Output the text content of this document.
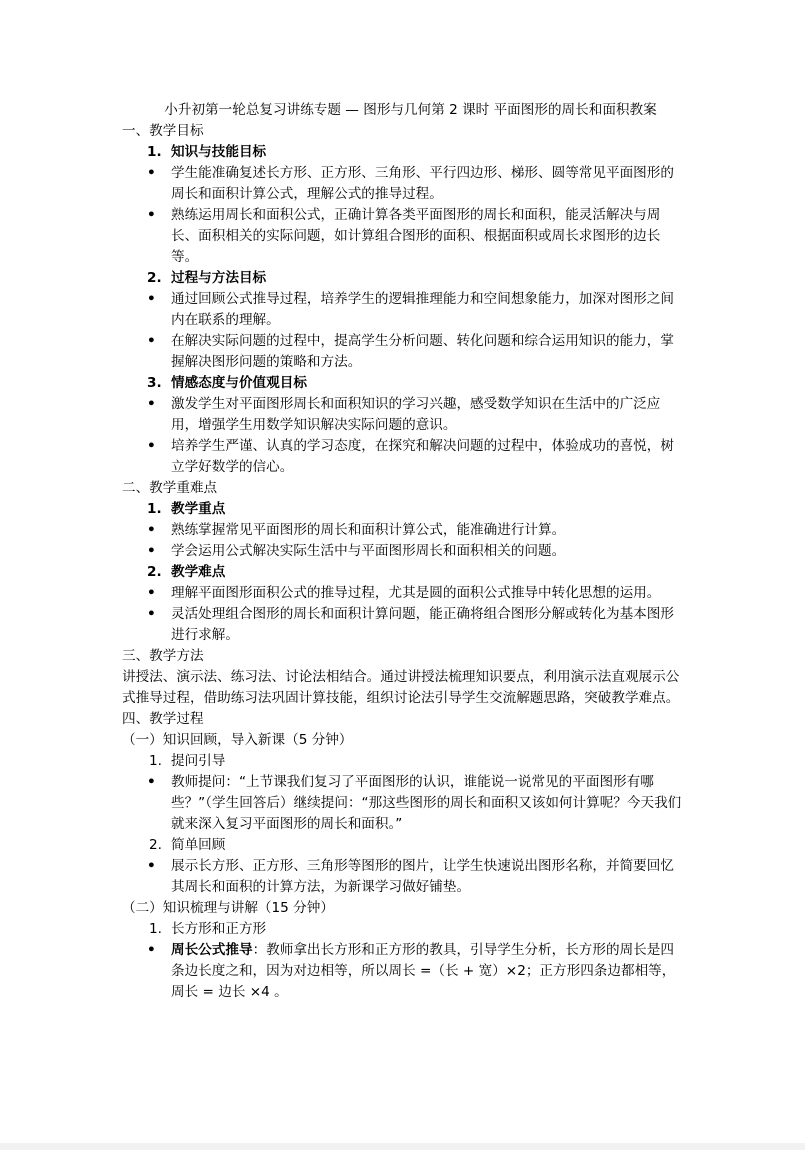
小升初第一轮总复习讲练专题 — 图形与几何第 2 课时 平面图形的周长和面积教案

一、教学目标

1. 知识与技能目标

• 学生能准确复述长方形、正方形、三角形、平行四边形、梯形、圆等常见平面图形的周长和面积计算公式，理解公式的推导过程。

• 熟练运用周长和面积公式，正确计算各类平面图形的周长和面积，能灵活解决与周长、面积相关的实际问题，如计算组合图形的面积、根据面积或周长求图形的边长等。

2. 过程与方法目标

• 通过回顾公式推导过程，培养学生的逻辑推理能力和空间想象能力，加深对图形之间内在联系的理解。

• 在解决实际问题的过程中，提高学生分析问题、转化问题和综合运用知识的能力，掌握解决图形问题的策略和方法。

3. 情感态度与价值观目标

• 激发学生对平面图形周长和面积知识的学习兴趣，感受数学知识在生活中的广泛应用，增强学生用数学知识解决实际问题的意识。

• 培养学生严谨、认真的学习态度，在探究和解决问题的过程中，体验成功的喜悦，树立学好数学的信心。

二、教学重难点

1. 教学重点

• 熟练掌握常见平面图形的周长和面积计算公式，能准确进行计算。

• 学会运用公式解决实际生活中与平面图形周长和面积相关的问题。

2. 教学难点

• 理解平面图形面积公式的推导过程，尤其是圆的面积公式推导中转化思想的运用。

• 灵活处理组合图形的周长和面积计算问题，能正确将组合图形分解或转化为基本图形进行求解。

三、教学方法

讲授法、演示法、练习法、讨论法相结合。通过讲授法梳理知识要点，利用演示法直观展示公式推导过程，借助练习法巩固计算技能，组织讨论法引导学生交流解题思路，突破教学难点。

四、教学过程

（一）知识回顾，导入新课（5 分钟）

1. 提问引导

• 教师提问：“上节课我们复习了平面图形的认识，谁能说一说常见的平面图形有哪些？”（学生回答后）继续提问：“那这些图形的周长和面积又该如何计算呢？今天我们就来深入复习平面图形的周长和面积。”

2. 简单回顾

• 展示长方形、正方形、三角形等图形的图片，让学生快速说出图形名称，并简要回忆其周长和面积的计算方法，为新课学习做好铺垫。

（二）知识梳理与讲解（15 分钟）

1. 长方形和正方形

• 周长公式推导：教师拿出长方形和正方形的教具，引导学生分析，长方形的周长是四条边长度之和，因为对边相等，所以周长 =（长 + 宽）×2；正方形四条边都相等，周长 = 边长 ×4 。
